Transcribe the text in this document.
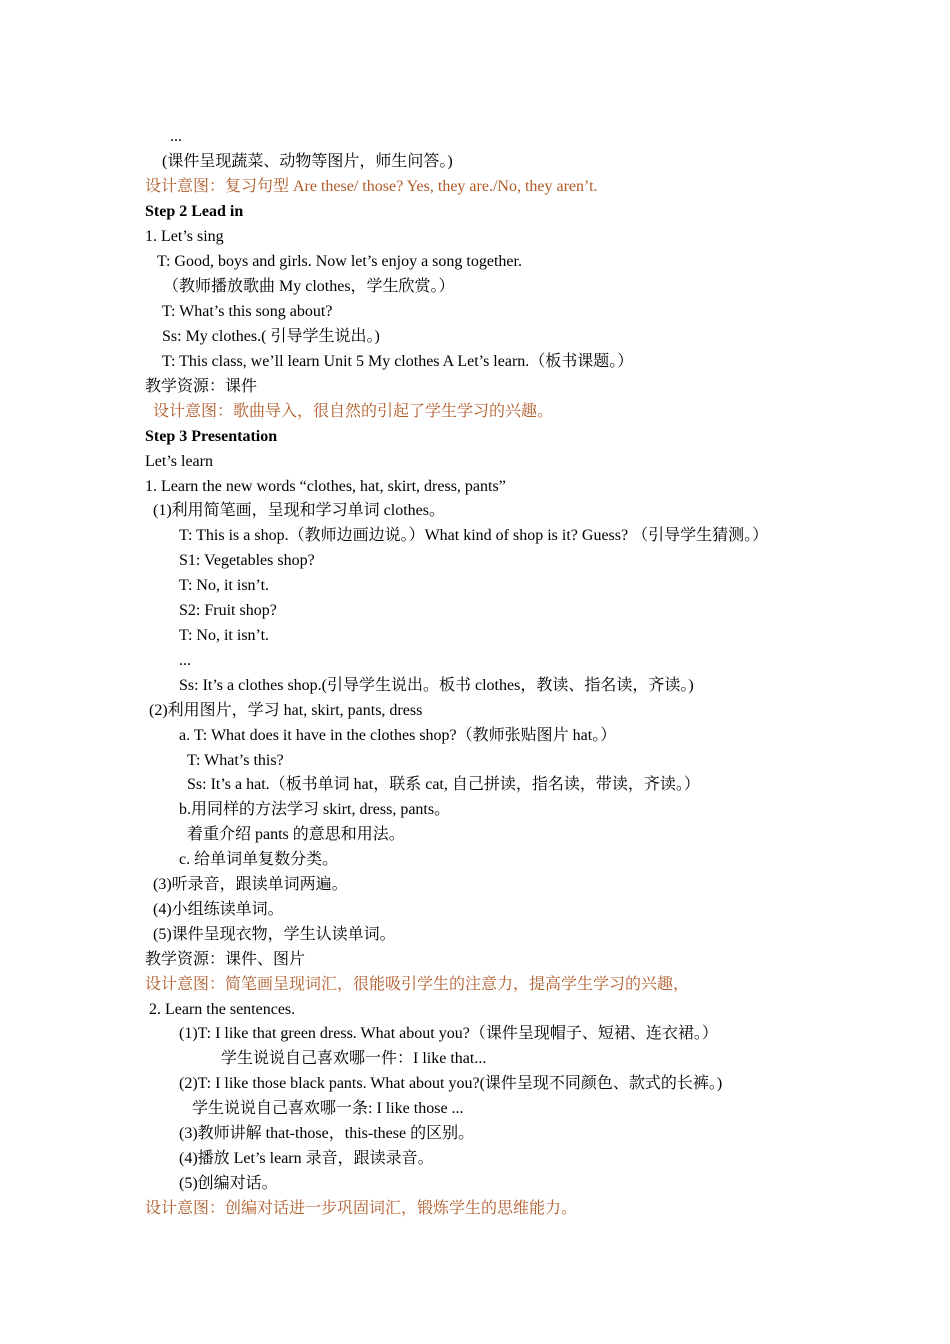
...
(课件呈现蔬菜、动物等图片，师生问答。)
设计意图：复习句型 Are these/ those? Yes, they are./No, they aren’t.
Step 2 Lead in
1. Let’s sing
T: Good, boys and girls. Now let’s enjoy a song together.
（教师播放歌曲 My clothes，学生欣赏。）
T: What’s this song about?
Ss: My clothes.( 引导学生说出。)
T: This class, we’ll learn Unit 5 My clothes A Let’s learn.（板书课题。）
教学资源：课件
设计意图：歌曲导入，很自然的引起了学生学习的兴趣。
Step 3 Presentation
Let’s learn
1. Learn the new words “clothes, hat, skirt, dress, pants”
(1)利用简笔画，呈现和学习单词 clothes。
T: This is a shop.（教师边画边说。）What kind of shop is it? Guess? （引导学生猜测。）
S1: Vegetables shop?
T: No, it isn’t.
S2: Fruit shop?
T: No, it isn’t.
...
Ss: It’s a clothes shop.(引导学生说出。板书 clothes，教读、指名读，齐读。)
(2)利用图片，学习 hat, skirt, pants, dress
a. T: What does it have in the clothes shop?（教师张贴图片 hat。）
T: What’s this?
Ss: It’s a hat.（板书单词 hat，联系 cat, 自己拼读，指名读，带读，齐读。）
b.用同样的方法学习 skirt, dress, pants。
着重介绍 pants 的意思和用法。
c. 给单词单复数分类。
(3)听录音，跟读单词两遍。
(4)小组练读单词。
(5)课件呈现衣物，学生认读单词。
教学资源：课件、图片
设计意图：简笔画呈现词汇，很能吸引学生的注意力，提高学生学习的兴趣，
2. Learn the sentences.
(1)T: I like that green dress. What about you?（课件呈现帽子、短裙、连衣裙。）
学生说说自己喜欢哪一件：I like that...
(2)T: I like those black pants. What about you?(课件呈现不同颜色、款式的长裤。)
学生说说自己喜欢哪一条: I like those ...
(3)教师讲解 that-those，this-these 的区别。
(4)播放 Let’s learn 录音，跟读录音。
(5)创编对话。
设计意图：创编对话进一步巩固词汇，锻炼学生的思维能力。
